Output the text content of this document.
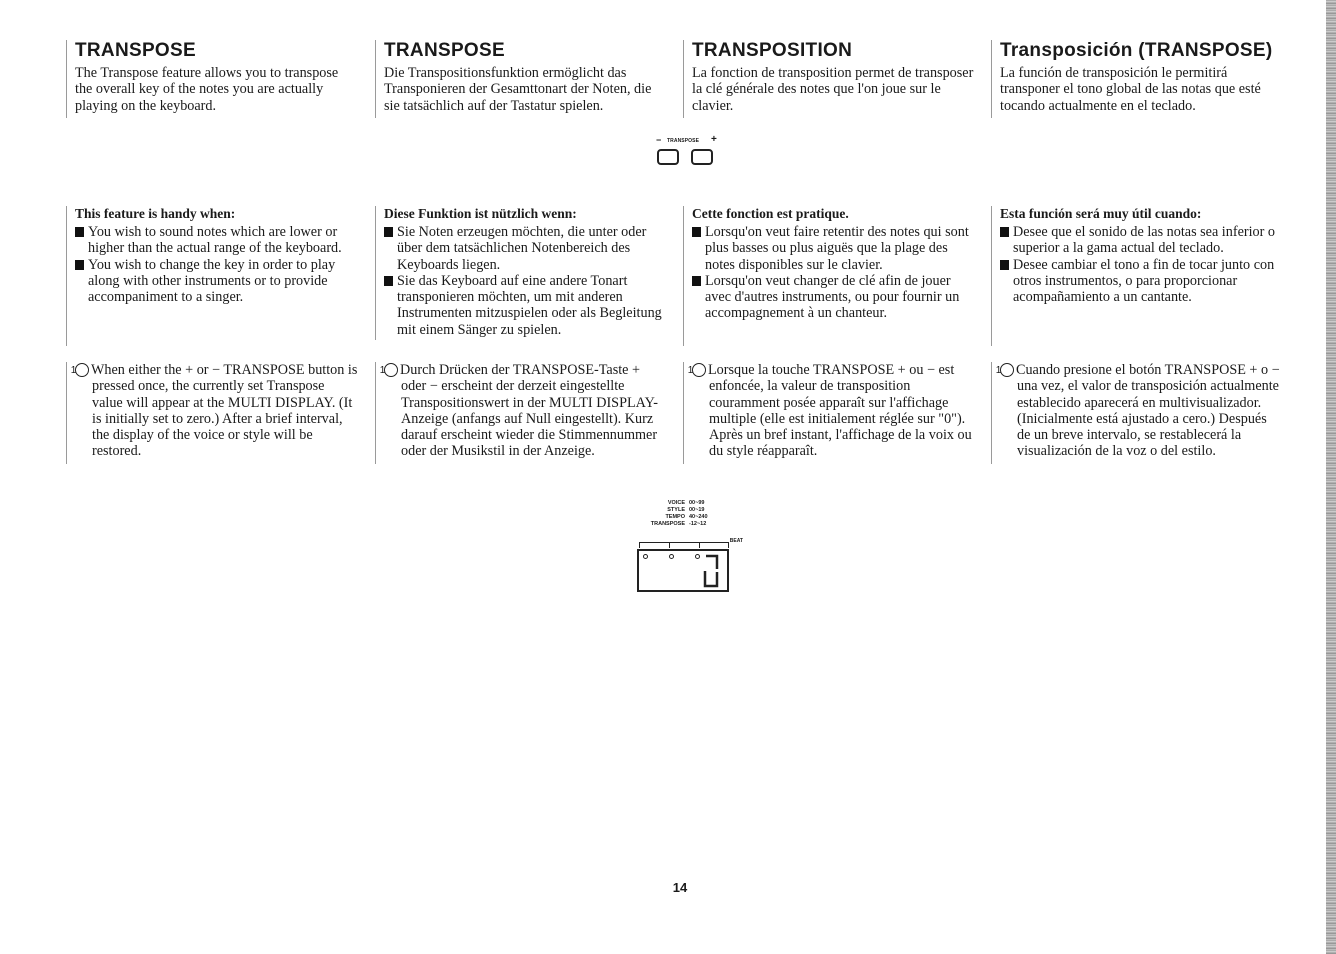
TRANSPOSE

The Transpose feature allows you to transpose the overall key of the notes you are actually playing on the keyboard.

This feature is handy when:
You wish to sound notes which are lower or higher than the actual range of the keyboard.
You wish to change the key in order to play along with other instruments or to provide accompaniment to a singer.

1 When either the + or − TRANSPOSE button is pressed once, the currently set Transpose value will appear at the MULTI DISPLAY. (It is initially set to zero.) After a brief interval, the display of the voice or style will be restored.

TRANSPOSE

Die Transpositionsfunktion ermöglicht das Transponieren der Gesamttonart der Noten, die sie tatsächlich auf der Tastatur spielen.

Diese Funktion ist nützlich wenn:
Sie Noten erzeugen möchten, die unter oder über dem tatsächlichen Notenbereich des Keyboards liegen.
Sie das Keyboard auf eine andere Tonart transponieren möchten, um mit anderen Instrumenten mitzuspielen oder als Begleitung mit einem Sänger zu spielen.

1 Durch Drücken der TRANSPOSE-Taste + oder − erscheint der derzeit eingestellte Transpositionswert in der MULTI DISPLAY-Anzeige (anfangs auf Null eingestellt). Kurz darauf erscheint wieder die Stimmennummer oder der Musikstil in der Anzeige.

TRANSPOSITION

La fonction de transposition permet de transposer la clé générale des notes que l'on joue sur le clavier.

Cette fonction est pratique.
Lorsqu'on veut faire retentir des notes qui sont plus basses ou plus aiguës que la plage des notes disponibles sur le clavier.
Lorsqu'on veut changer de clé afin de jouer avec d'autres instruments, ou pour fournir un accompagnement à un chanteur.

1 Lorsque la touche TRANSPOSE + ou − est enfoncée, la valeur de transposition couramment posée apparaît sur l'affichage multiple (elle est initialement réglée sur "0"). Après un bref instant, l'affichage de la voix ou du style réapparaît.

Transposición (TRANSPOSE)

La función de transposición le permitirá transponer el tono global de las notas que esté tocando actualmente en el teclado.

Esta función será muy útil cuando:
Desee que el sonido de las notas sea inferior o superior a la gama actual del teclado.
Desee cambiar el tono a fin de tocar junto con otros instrumentos, o para proporcionar acompañamiento a un cantante.

1 Cuando presione el botón TRANSPOSE + o − una vez, el valor de transposición actualmente establecido aparecerá en multivisualizador. (Inicialmente está ajustado a cero.) Después de un breve intervalo, se restablecerá la visualización de la voz o del estilo.

− TRANSPOSE +
VOICE 00~99
STYLE 00~19
TEMPO 40~240
TRANSPOSE -12~12
BEAT
14
